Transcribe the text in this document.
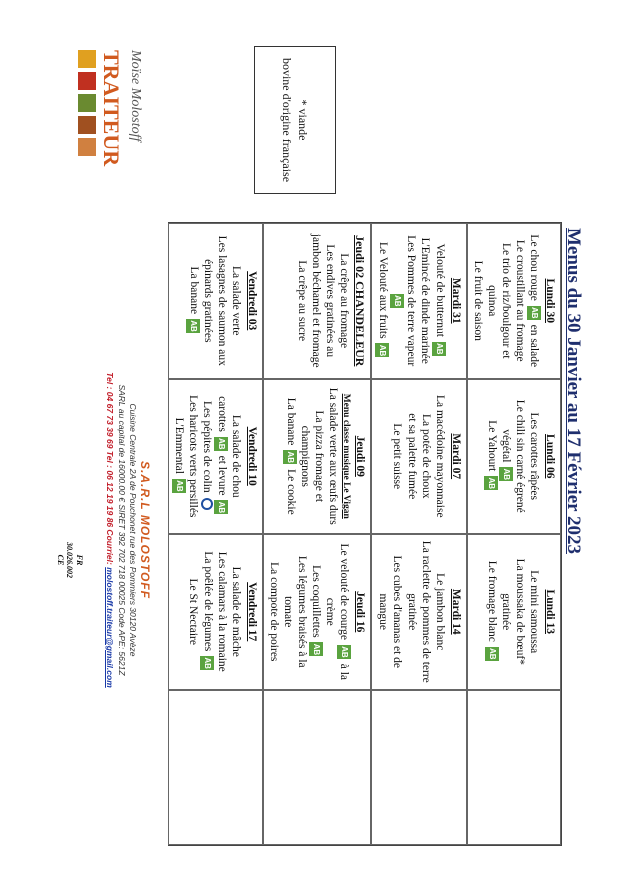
Menus du 30 Janvier au 17 Février 2023
Lundi 30
Le chou rouge AB en salade
Le croustillant au fromage
Le trio de riz/boulgour et quinoa
Le fruit de saison
Lundi 06
Les carottes râpées
Le chili sin carné égrené végétal AB
Le Yahourt AB
Lundi 13
Le mini samoussa
La moussaka de bœuf* gratinée
Le fromage blanc AB
Mardi 31
Velouté de butternut AB
L'Emincé de dinde marinée
Les Pommes de terre vapeur AB
Le Velouté aux fruits AB
Mardi 07
La macédoine mayonnaise
La potée de choux
et sa palette fumée
Le petit suisse
Mardi 14
Le jambon blanc
La raclette de pommes de terre gratinée
Les cubes d'ananas et de mangue
Jeudi 02 CHANDELEUR
La crêpe au fromage
Les endives gratinées au jambon béchamel et fromage
La crêpe au sucre
Jeudi 09
Menu classe musique Le Vigan
La salade verte aux œufs durs
La pizza fromage et champignons
La banane AB Le cookie
Jeudi 16
Le velouté de courge AB à la crème
Les coquillettes AB
Les légumes braisés à la tomate
La compote de poires
Vendredi 03
La salade verte
Les lasagnes de saumon aux épinards gratinées
La banane AB
Vendredi 10
La salade de chou
carottes AB et levure AB
Les pépites de colin
Les haricots verts persillés
L'Emmental AB
Vendredi 17
La salade de mâche
Les calamars à la romaine
La poêlée de légumes AB
Le St Nectaire
* viande
bovine d'origine française
Moïse Molostoff
TRAITEUR
S.A.R.L MOLOSTOFF
Cuisine Centrale 2A de Pouchonet rue des Pommiers 30120 Avèze
SARL au capital de 16000.00 € SIRET 392 702 718 00025 Code APE: 5621Z
Tel : 04 67 73 39 69 Tel : 06 12 19 19 86 Courriel: molostoff.traiteur@gmail.com
FR
30.026.002
CE
